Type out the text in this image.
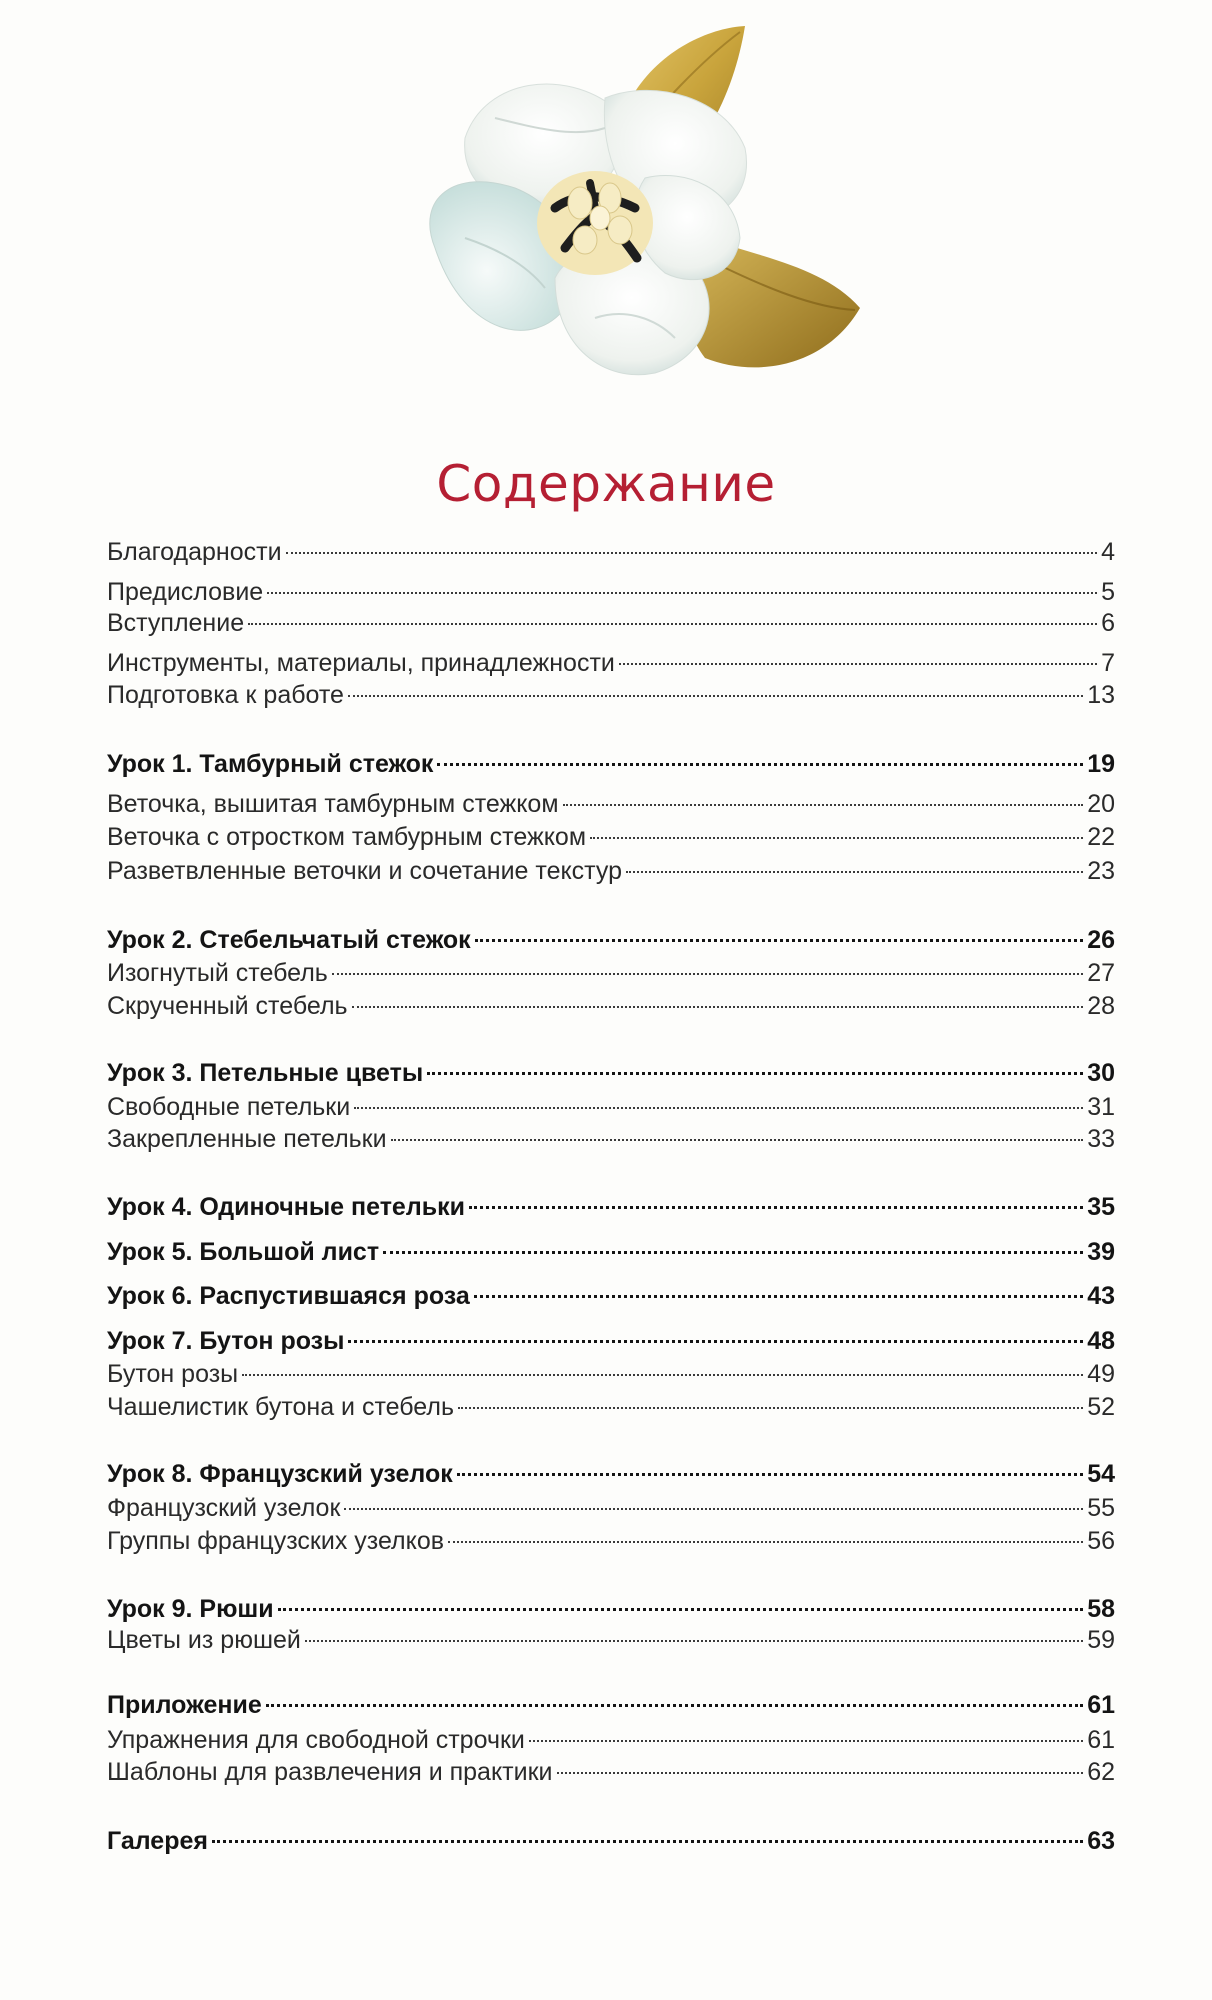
Содержание
Благодарности	4
Предисловие	5
Вступление	6
Инструменты, материалы, принадлежности	7
Подготовка к работе	13
Урок 1. Тамбурный стежок	19
Веточка, вышитая тамбурным стежком	20
Веточка с отростком тамбурным стежком	22
Разветвленные веточки и сочетание текстур	23
Урок 2. Стебельчатый стежок	26
Изогнутый стебель	27
Скрученный стебель	28
Урок 3. Петельные цветы	30
Свободные петельки	31
Закрепленные петельки	33
Урок 4. Одиночные петельки	35
Урок 5. Большой лист	39
Урок 6. Распустившаяся роза	43
Урок 7. Бутон розы	48
Бутон розы	49
Чашелистик бутона и стебель	52
Урок 8. Французский узелок	54
Французский узелок	55
Группы французских узелков	56
Урок 9. Рюши	58
Цветы из рюшей	59
Приложение	61
Упражнения для свободной строчки	61
Шаблоны для развлечения и практики	62
Галерея	63
